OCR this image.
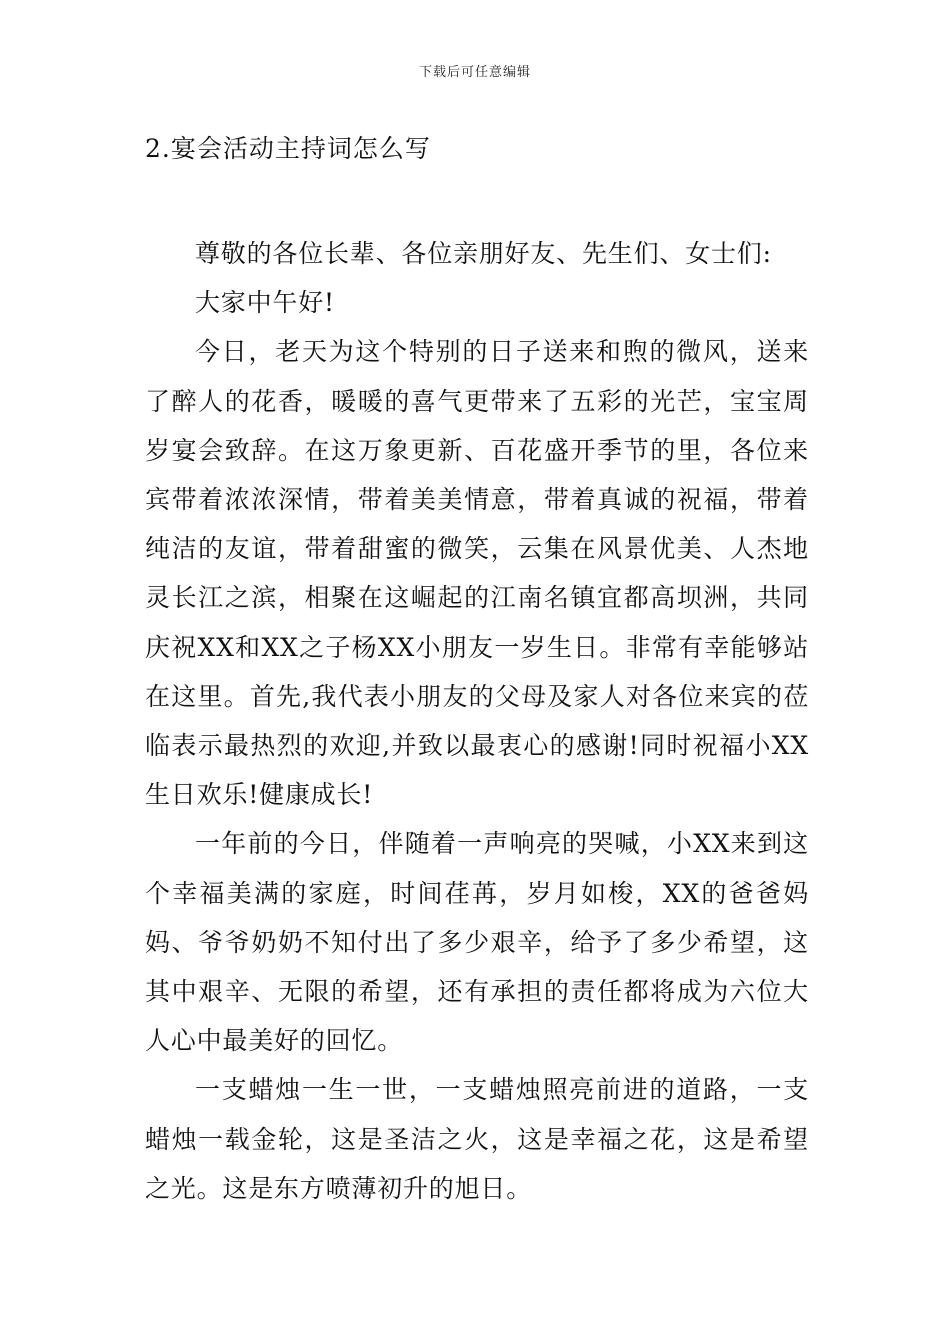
下载后可任意编辑
2.宴会活动主持词怎么写

尊敬的各位长辈、各位亲朋好友、先生们、女士们:

大家中午好!

今日，老天为这个特别的日子送来和煦的微风，送来了醉人的花香，暖暖的喜气更带来了五彩的光芒，宝宝周岁宴会致辞。在这万象更新、百花盛开季节的里，各位来宾带着浓浓深情，带着美美情意，带着真诚的祝福，带着纯洁的友谊，带着甜蜜的微笑，云集在风景优美、人杰地灵长江之滨，相聚在这崛起的江南名镇宜都高坝洲，共同庆祝XX和XX之子杨XX小朋友一岁生日。非常有幸能够站在这里。首先,我代表小朋友的父母及家人对各位来宾的莅临表示最热烈的欢迎,并致以最衷心的感谢!同时祝福小XX生日欢乐!健康成长!

一年前的今日，伴随着一声响亮的哭喊，小XX来到这个幸福美满的家庭，时间荏苒，岁月如梭，XX的爸爸妈妈、爷爷奶奶不知付出了多少艰辛，给予了多少希望，这其中艰辛、无限的希望，还有承担的责任都将成为六位大人心中最美好的回忆。

一支蜡烛一生一世，一支蜡烛照亮前进的道路，一支蜡烛一载金轮，这是圣洁之火，这是幸福之花，这是希望之光。这是东方喷薄初升的旭日。
